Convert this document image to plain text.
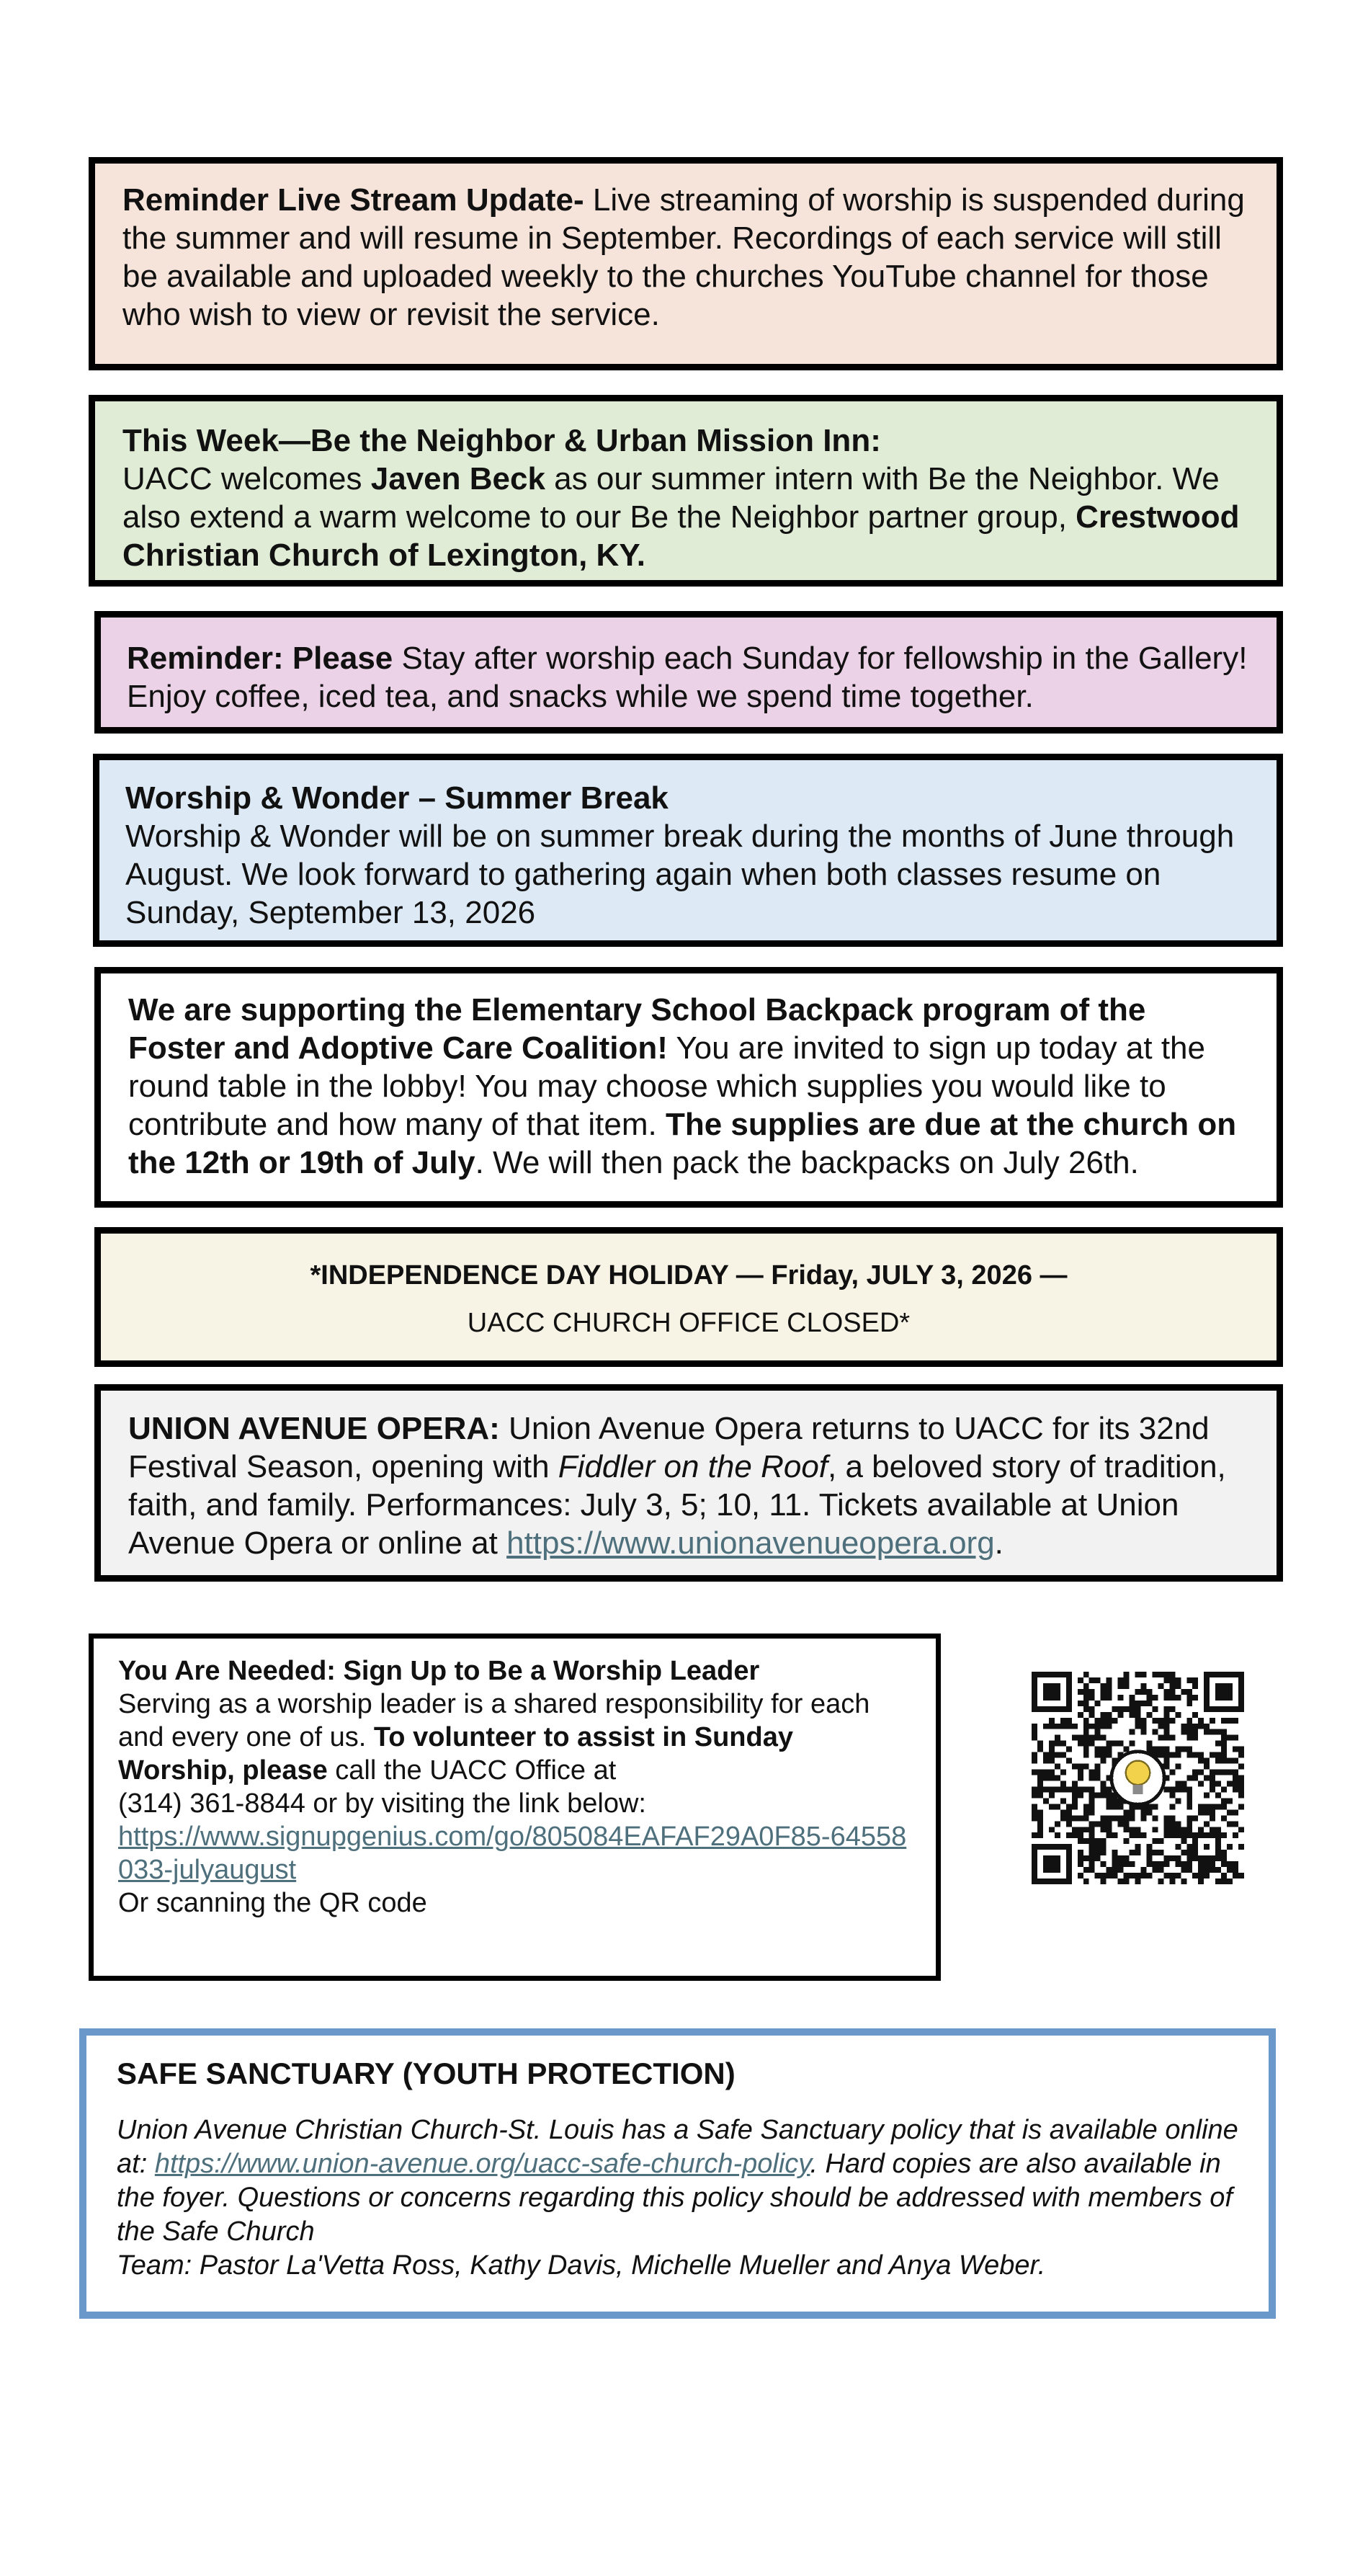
Reminder Live Stream Update- Live streaming of worship is suspended during the summer and will resume in September. Recordings of each service will still be available and uploaded weekly to the churches YouTube channel for those who wish to view or revisit the service.

This Week—Be the Neighbor & Urban Mission Inn:

UACC welcomes Javen Beck as our summer intern with Be the Neighbor. We also extend a warm welcome to our Be the Neighbor partner group, Crestwood Christian Church of Lexington, KY.

Reminder: Please Stay after worship each Sunday for fellowship in the Gallery! Enjoy coffee, iced tea, and snacks while we spend time together.

Worship & Wonder – Summer Break

Worship & Wonder will be on summer break during the months of June through August. We look forward to gathering again when both classes resume on Sunday, September 13, 2026

We are supporting the Elementary School Backpack program of the Foster and Adoptive Care Coalition! You are invited to sign up today at the round table in the lobby! You may choose which supplies you would like to contribute and how many of that item. The supplies are due at the church on the 12th or 19th of July. We will then pack the backpacks on July 26th.

*INDEPENDENCE DAY HOLIDAY — Friday, JULY 3, 2026 —

UACC CHURCH OFFICE CLOSED*

UNION AVENUE OPERA: Union Avenue Opera returns to UACC for its 32nd Festival Season, opening with Fiddler on the Roof, a beloved story of tradition, faith, and family. Performances: July 3, 5; 10, 11. Tickets available at Union Avenue Opera or online at https://www.unionavenueopera.org.

You Are Needed: Sign Up to Be a Worship Leader

Serving as a worship leader is a shared responsibility for each and every one of us. To volunteer to assist in Sunday Worship, please call the UACC Office at

(314) 361-8844 or by visiting the link below:

https://www.signupgenius.com/go/805084EAFAF29A0F85-64558033-julyaugust

Or scanning the QR code

SAFE SANCTUARY (YOUTH PROTECTION)

Union Avenue Christian Church-St. Louis has a Safe Sanctuary policy that is available online at: https://www.union-avenue.org/uacc-safe-church-policy. Hard copies are also available in the foyer. Questions or concerns regarding this policy should be addressed with members of the Safe Church

Team: Pastor La'Vetta Ross, Kathy Davis, Michelle Mueller and Anya Weber.
